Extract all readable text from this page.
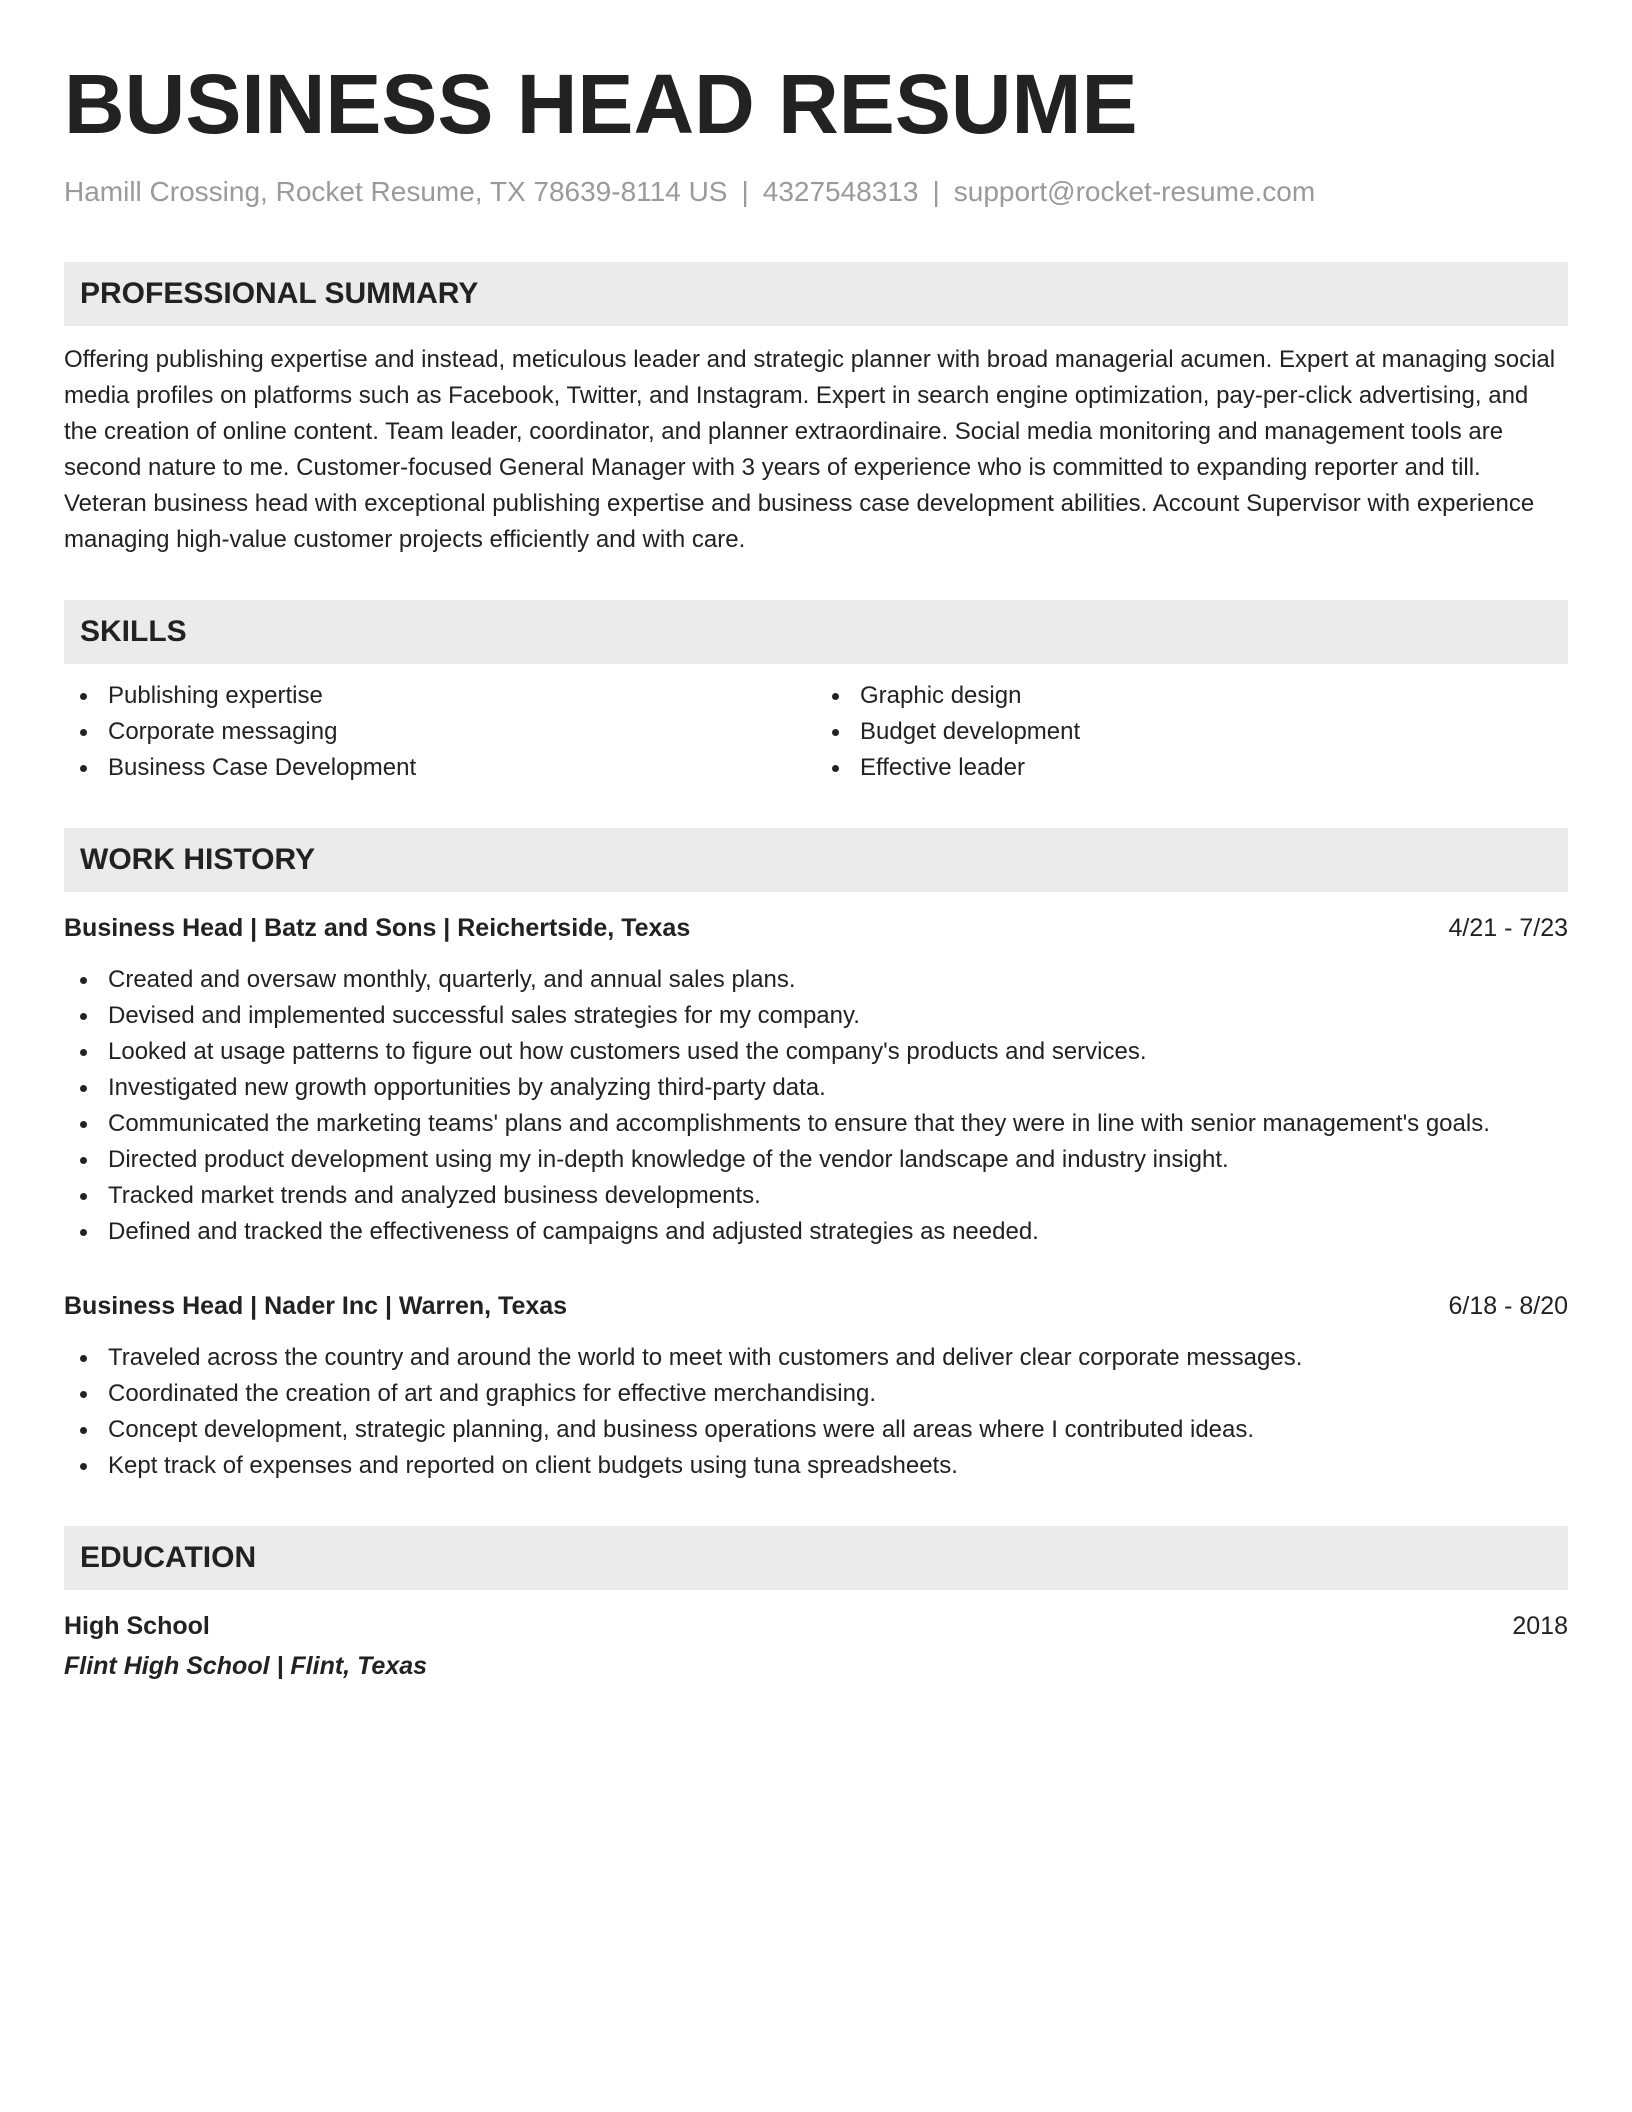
BUSINESS HEAD RESUME
Hamill Crossing, Rocket Resume, TX 78639-8114 US | 4327548313 | support@rocket-resume.com
PROFESSIONAL SUMMARY
Offering publishing expertise and instead, meticulous leader and strategic planner with broad managerial acumen. Expert at managing social media profiles on platforms such as Facebook, Twitter, and Instagram. Expert in search engine optimization, pay-per-click advertising, and the creation of online content. Team leader, coordinator, and planner extraordinaire. Social media monitoring and management tools are second nature to me. Customer-focused General Manager with 3 years of experience who is committed to expanding reporter and till. Veteran business head with exceptional publishing expertise and business case development abilities. Account Supervisor with experience managing high-value customer projects efficiently and with care.
SKILLS
Publishing expertise
Corporate messaging
Business Case Development
Graphic design
Budget development
Effective leader
WORK HISTORY
Business Head | Batz and Sons | Reichertside, Texas	4/21 - 7/23
Created and oversaw monthly, quarterly, and annual sales plans.
Devised and implemented successful sales strategies for my company.
Looked at usage patterns to figure out how customers used the company's products and services.
Investigated new growth opportunities by analyzing third-party data.
Communicated the marketing teams' plans and accomplishments to ensure that they were in line with senior management's goals.
Directed product development using my in-depth knowledge of the vendor landscape and industry insight.
Tracked market trends and analyzed business developments.
Defined and tracked the effectiveness of campaigns and adjusted strategies as needed.
Business Head | Nader Inc | Warren, Texas	6/18 - 8/20
Traveled across the country and around the world to meet with customers and deliver clear corporate messages.
Coordinated the creation of art and graphics for effective merchandising.
Concept development, strategic planning, and business operations were all areas where I contributed ideas.
Kept track of expenses and reported on client budgets using tuna spreadsheets.
EDUCATION
High School	2018
Flint High School | Flint, Texas
